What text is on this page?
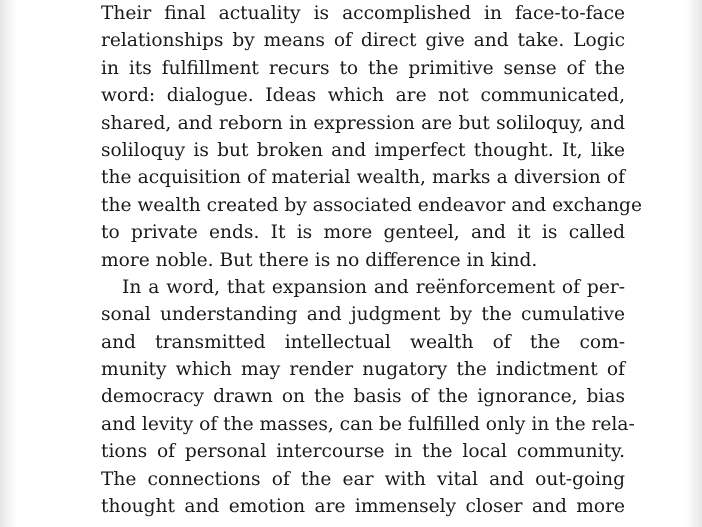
Their final actuality is accomplished in face-to-face
relationships by means of direct give and take. Logic
in its fulfillment recurs to the primitive sense of the
word: dialogue. Ideas which are not communicated,
shared, and reborn in expression are but soliloquy, and
soliloquy is but broken and imperfect thought. It, like
the acquisition of material wealth, marks a diversion of
the wealth created by associated endeavor and exchange
to private ends. It is more genteel, and it is called
more noble. But there is no difference in kind.
In a word, that expansion and reënforcement of per-
sonal understanding and judgment by the cumulative
and transmitted intellectual wealth of the com-
munity which may render nugatory the indictment of
democracy drawn on the basis of the ignorance, bias
and levity of the masses, can be fulfilled only in the rela-
tions of personal intercourse in the local community.
The connections of the ear with vital and out-going
thought and emotion are immensely closer and more
